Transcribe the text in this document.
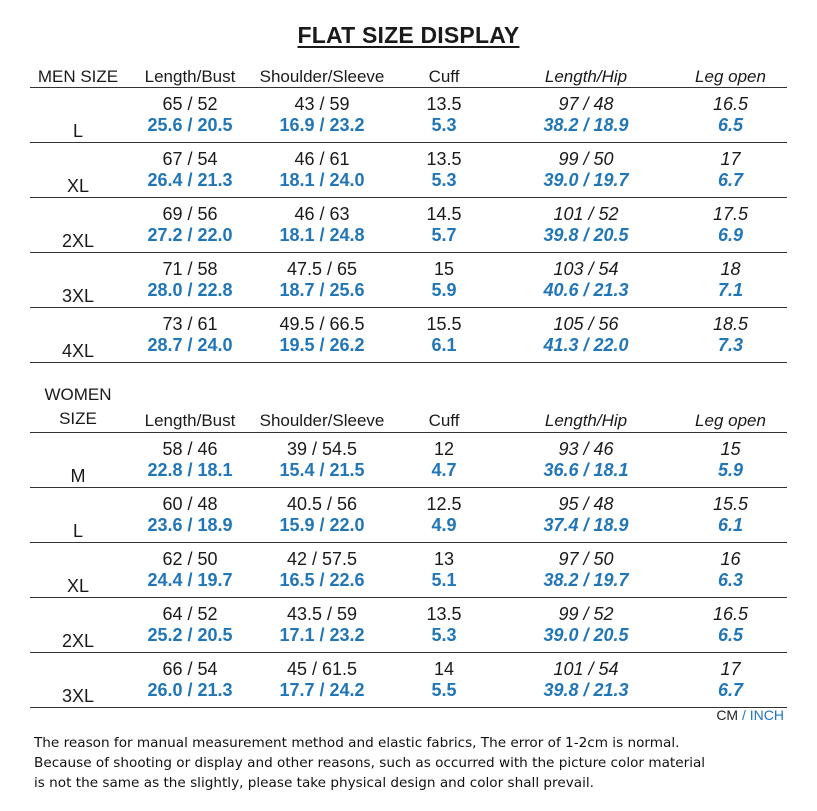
FLAT SIZE DISPLAY
MEN SIZE	Length/Bust	Shoulder/Sleeve	Cuff	Length/Hip	Leg open
L	65 / 52	43 / 59	13.5	97 / 48	16.5
	25.6 / 20.5	16.9 / 23.2	5.3	38.2 / 18.9	6.5
XL	67 / 54	46 / 61	13.5	99 / 50	17
	26.4 / 21.3	18.1 / 24.0	5.3	39.0 / 19.7	6.7
2XL	69 / 56	46 / 63	14.5	101 / 52	17.5
	27.2 / 22.0	18.1 / 24.8	5.7	39.8 / 20.5	6.9
3XL	71 / 58	47.5 / 65	15	103 / 54	18
	28.0 / 22.8	18.7 / 25.6	5.9	40.6 / 21.3	7.1
4XL	73 / 61	49.5 / 66.5	15.5	105 / 56	18.5
	28.7 / 24.0	19.5 / 26.2	6.1	41.3 / 22.0	7.3
WOMEN SIZE	Length/Bust	Shoulder/Sleeve	Cuff	Length/Hip	Leg open
M	58 / 46	39 / 54.5	12	93 / 46	15
	22.8 / 18.1	15.4 / 21.5	4.7	36.6 / 18.1	5.9
L	60 / 48	40.5 / 56	12.5	95 / 48	15.5
	23.6 / 18.9	15.9 / 22.0	4.9	37.4 / 18.9	6.1
XL	62 / 50	42 / 57.5	13	97 / 50	16
	24.4 / 19.7	16.5 / 22.6	5.1	38.2 / 19.7	6.3
2XL	64 / 52	43.5 / 59	13.5	99 / 52	16.5
	25.2 / 20.5	17.1 / 23.2	5.3	39.0 / 20.5	6.5
3XL	66 / 54	45 / 61.5	14	101 / 54	17
	26.0 / 21.3	17.7 / 24.2	5.5	39.8 / 21.3	6.7
CM / INCH
The reason for manual measurement method and elastic fabrics, The error of 1-2cm is normal.
Because of shooting or display and other reasons, such as occurred with the picture color material
is not the same as the slightly, please take physical design and color shall prevail.
